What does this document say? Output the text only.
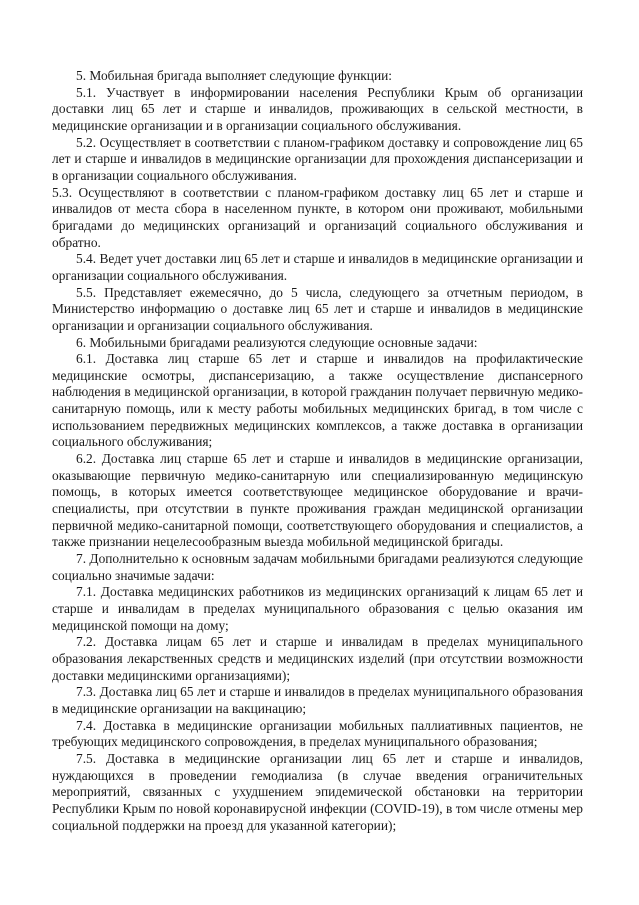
5. Мобильная бригада выполняет следующие функции:

5.1. Участвует в информировании населения Республики Крым об организации доставки лиц 65 лет и старше и инвалидов, проживающих в сельской местности, в медицинские организации и в организации социального обслуживания.

5.2. Осуществляет в соответствии с планом-графиком доставку и сопровождение лиц 65 лет и старше и инвалидов в медицинские организации для прохождения диспансеризации и в организации социального обслуживания.

5.3. Осуществляют в соответствии с планом-графиком доставку лиц 65 лет и старше и инвалидов от места сбора в населенном пункте, в котором они проживают, мобильными бригадами до медицинских организаций и организаций социального обслуживания и обратно.

5.4. Ведет учет доставки лиц 65 лет и старше и инвалидов в медицинские организации и организации социального обслуживания.

5.5. Представляет ежемесячно, до 5 числа, следующего за отчетным периодом, в Министерство информацию о доставке лиц 65 лет и старше и инвалидов в медицинские организации и организации социального обслуживания.

6. Мобильными бригадами реализуются следующие основные задачи:

6.1. Доставка лиц старше 65 лет и старше и инвалидов на профилактические медицинские осмотры, диспансеризацию, а также осуществление диспансерного наблюдения в медицинской организации, в которой гражданин получает первичную медико-санитарную помощь, или к месту работы мобильных медицинских бригад, в том числе с использованием передвижных медицинских комплексов, а также доставка в организации социального обслуживания;

6.2. Доставка лиц старше 65 лет и старше и инвалидов в медицинские организации, оказывающие первичную медико-санитарную или специализированную медицинскую помощь, в которых имеется соответствующее медицинское оборудование и врачи-специалисты, при отсутствии в пункте проживания граждан медицинской организации первичной медико-санитарной помощи, соответствующего оборудования и специалистов, а также признании нецелесообразным выезда мобильной медицинской бригады.

7. Дополнительно к основным задачам мобильными бригадами реализуются следующие социально значимые задачи:

7.1. Доставка медицинских работников из медицинских организаций к лицам 65 лет и старше и инвалидам в пределах муниципального образования с целью оказания им медицинской помощи на дому;

7.2. Доставка лицам 65 лет и старше и инвалидам в пределах муниципального образования лекарственных средств и медицинских изделий (при отсутствии возможности доставки медицинскими организациями);

7.3. Доставка лиц 65 лет и старше и инвалидов в пределах муниципального образования в медицинские организации на вакцинацию;

7.4. Доставка в медицинские организации мобильных паллиативных пациентов, не требующих медицинского сопровождения, в пределах муниципального образования;

7.5. Доставка в медицинские организации лиц 65 лет и старше и инвалидов, нуждающихся в проведении гемодиализа (в случае введения ограничительных мероприятий, связанных с ухудшением эпидемической обстановки на территории Республики Крым по новой коронавирусной инфекции (COVID-19), в том числе отмены мер социальной поддержки на проезд для указанной категории);
